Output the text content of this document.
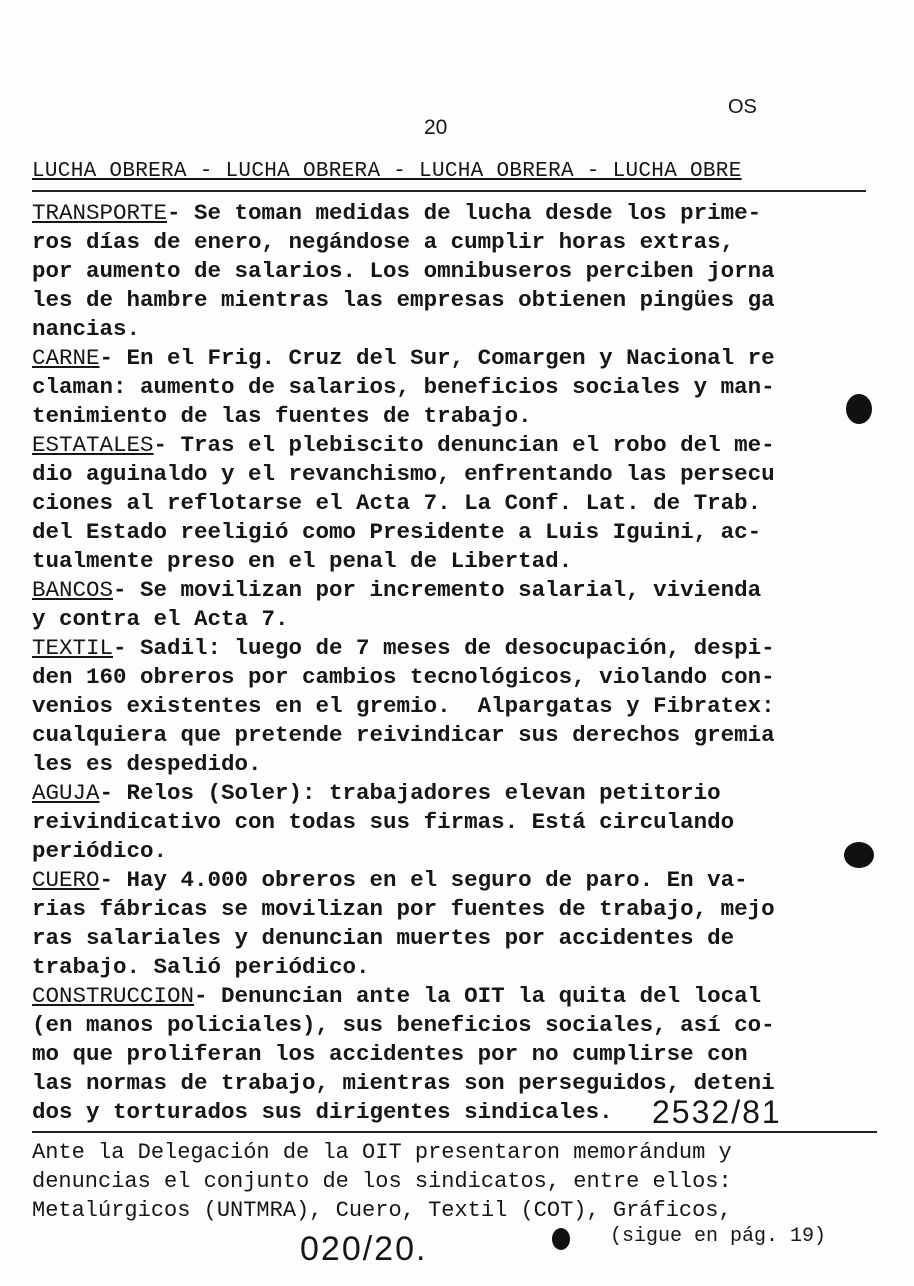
20
OS
LUCHA OBRERA - LUCHA OBRERA - LUCHA OBRERA - LUCHA OBRE
TRANSPORTE- Se toman medidas de lucha desde los prime-
ros días de enero, negándose a cumplir horas extras,
por aumento de salarios. Los omnibuseros perciben jorna
les de hambre mientras las empresas obtienen pingües ga
nancias.
CARNE- En el Frig. Cruz del Sur, Comargen y Nacional re
claman: aumento de salarios, beneficios sociales y man-
tenimiento de las fuentes de trabajo.
ESTATALES- Tras el plebiscito denuncian el robo del me-
dio aguinaldo y el revanchismo, enfrentando las persecu
ciones al reflotarse el Acta 7. La Conf. Lat. de Trab.
del Estado reeligió como Presidente a Luis Iguini, ac-
tualmente preso en el penal de Libertad.
BANCOS- Se movilizan por incremento salarial, vivienda
y contra el Acta 7.
TEXTIL- Sadil: luego de 7 meses de desocupación, despi-
den 160 obreros por cambios tecnológicos, violando con-
venios existentes en el gremio.  Alpargatas y Fibratex:
cualquiera que pretende reivindicar sus derechos gremia
les es despedido.
AGUJA- Relos (Soler): trabajadores elevan petitorio
reivindicativo con todas sus firmas. Está circulando
periódico.
CUERO- Hay 4.000 obreros en el seguro de paro. En va-
rias fábricas se movilizan por fuentes de trabajo, mejo
ras salariales y denuncian muertes por accidentes de
trabajo. Salió periódico.
CONSTRUCCION- Denuncian ante la OIT la quita del local
(en manos policiales), sus beneficios sociales, así co-
mo que proliferan los accidentes por no cumplirse con
las normas de trabajo, mientras son perseguidos, deteni
dos y torturados sus dirigentes sindicales.
Ante la Delegación de la OIT presentaron memorándum y
denuncias el conjunto de los sindicatos, entre ellos:
Metalúrgicos (UNTMRA), Cuero, Textil (COT), Gráficos,
2532/81
020/20.	(sigue en pág. 19)
